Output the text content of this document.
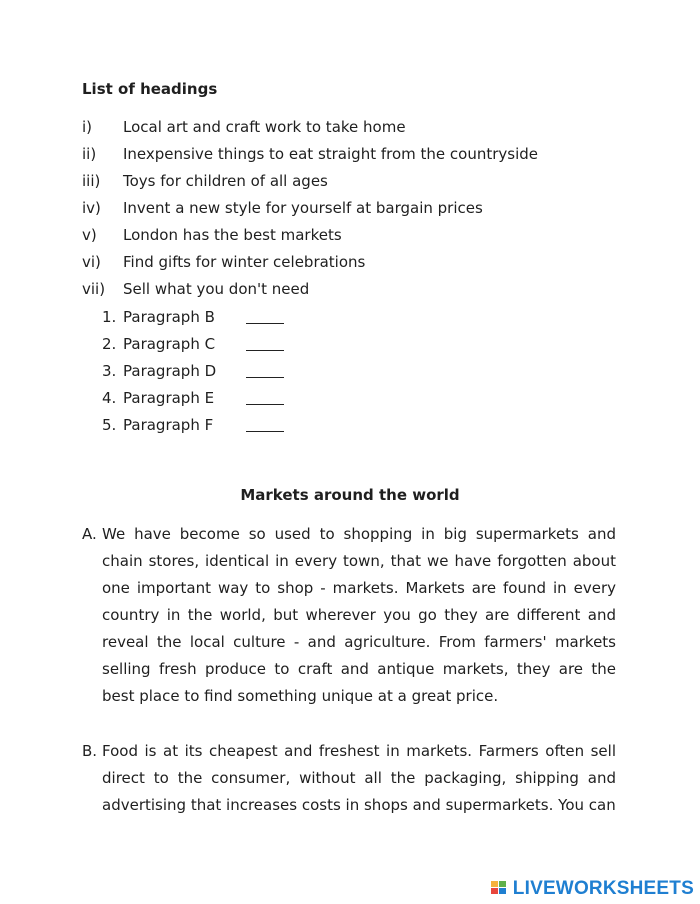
List of headings
i)	Local art and craft work to take home
ii)	Inexpensive things to eat straight from the countryside
iii)	Toys for children of all ages
iv)	Invent a new style for yourself at bargain prices
v)	London has the best markets
vi)	Find gifts for winter celebrations
vii)	Sell what you don't need
1. Paragraph B
2. Paragraph C
3. Paragraph D
4. Paragraph E
5. Paragraph F
Markets around the world
A. We have become so used to shopping in big supermarkets and chain stores, identical in every town, that we have forgotten about one important way to shop - markets. Markets are found in every country in the world, but wherever you go they are different and reveal the local culture - and agriculture. From farmers' markets selling fresh produce to craft and antique markets, they are the best place to find something unique at a great price.
B. Food is at its cheapest and freshest in markets. Farmers often sell direct to the consumer, without all the packaging, shipping and advertising that increases costs in shops and supermarkets. You can
LIVEWORKSHEETS
